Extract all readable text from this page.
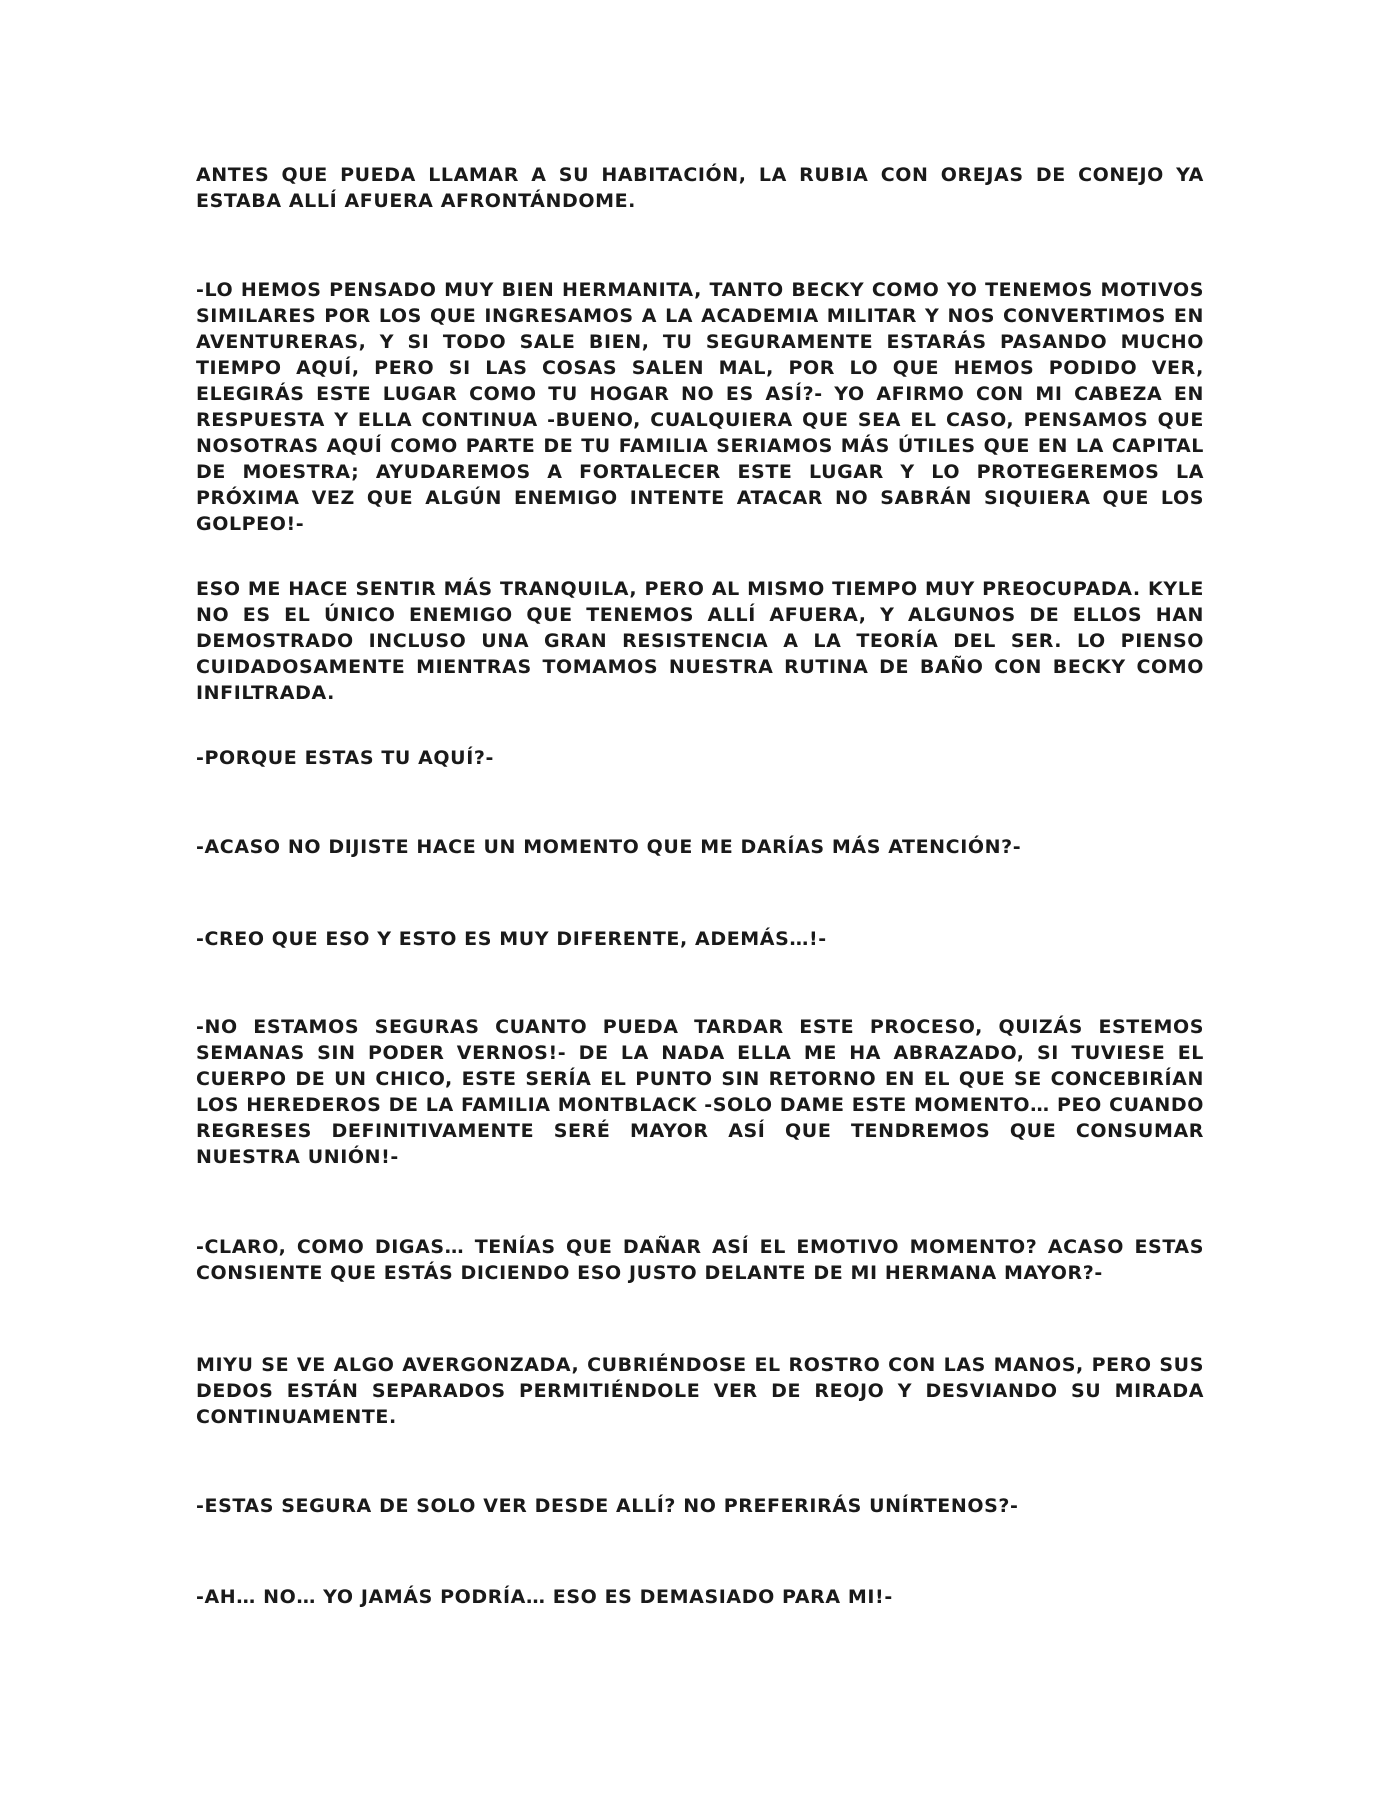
ANTES QUE PUEDA LLAMAR A SU HABITACIÓN, LA RUBIA CON OREJAS DE CONEJO YA ESTABA ALLÍ AFUERA AFRONTÁNDOME.

-LO HEMOS PENSADO MUY BIEN HERMANITA, TANTO BECKY COMO YO TENEMOS MOTIVOS SIMILARES POR LOS QUE INGRESAMOS A LA ACADEMIA MILITAR Y NOS CONVERTIMOS EN AVENTURERAS, Y SI TODO SALE BIEN, TU SEGURAMENTE ESTARÁS PASANDO MUCHO TIEMPO AQUÍ, PERO SI LAS COSAS SALEN MAL, POR LO QUE HEMOS PODIDO VER, ELEGIRÁS ESTE LUGAR COMO TU HOGAR NO ES ASÍ?- YO AFIRMO CON MI CABEZA EN RESPUESTA Y ELLA CONTINUA -BUENO, CUALQUIERA QUE SEA EL CASO, PENSAMOS QUE NOSOTRAS AQUÍ COMO PARTE DE TU FAMILIA SERIAMOS MÁS ÚTILES QUE EN LA CAPITAL DE MOESTRA; AYUDAREMOS A FORTALECER ESTE LUGAR Y LO PROTEGEREMOS LA PRÓXIMA VEZ QUE ALGÚN ENEMIGO INTENTE ATACAR NO SABRÁN SIQUIERA QUE LOS GOLPEO!-

ESO ME HACE SENTIR MÁS TRANQUILA, PERO AL MISMO TIEMPO MUY PREOCUPADA. KYLE NO ES EL ÚNICO ENEMIGO QUE TENEMOS ALLÍ AFUERA, Y ALGUNOS DE ELLOS HAN DEMOSTRADO INCLUSO UNA GRAN RESISTENCIA A LA TEORÍA DEL SER. LO PIENSO CUIDADOSAMENTE MIENTRAS TOMAMOS NUESTRA RUTINA DE BAÑO CON BECKY COMO INFILTRADA.

-PORQUE ESTAS TU AQUÍ?-

-ACASO NO DIJISTE HACE UN MOMENTO QUE ME DARÍAS MÁS ATENCIÓN?-

-CREO QUE ESO Y ESTO ES MUY DIFERENTE, ADEMÁS…!-

-NO ESTAMOS SEGURAS CUANTO PUEDA TARDAR ESTE PROCESO, QUIZÁS ESTEMOS SEMANAS SIN PODER VERNOS!- DE LA NADA ELLA ME HA ABRAZADO, SI TUVIESE EL CUERPO DE UN CHICO, ESTE SERÍA EL PUNTO SIN RETORNO EN EL QUE SE CONCEBIRÍAN LOS HEREDEROS DE LA FAMILIA MONTBLACK -SOLO DAME ESTE MOMENTO… PEO CUANDO REGRESES DEFINITIVAMENTE SERÉ MAYOR ASÍ QUE TENDREMOS QUE CONSUMAR NUESTRA UNIÓN!-

-CLARO, COMO DIGAS… TENÍAS QUE DAÑAR ASÍ EL EMOTIVO MOMENTO? ACASO ESTAS CONSIENTE QUE ESTÁS DICIENDO ESO JUSTO DELANTE DE MI HERMANA MAYOR?-

MIYU SE VE ALGO AVERGONZADA, CUBRIÉNDOSE EL ROSTRO CON LAS MANOS, PERO SUS DEDOS ESTÁN SEPARADOS PERMITIÉNDOLE VER DE REOJO Y DESVIANDO SU MIRADA CONTINUAMENTE.

-ESTAS SEGURA DE SOLO VER DESDE ALLÍ? NO PREFERIRÁS UNÍRTENOS?-

-AH… NO… YO JAMÁS PODRÍA… ESO ES DEMASIADO PARA MI!-
